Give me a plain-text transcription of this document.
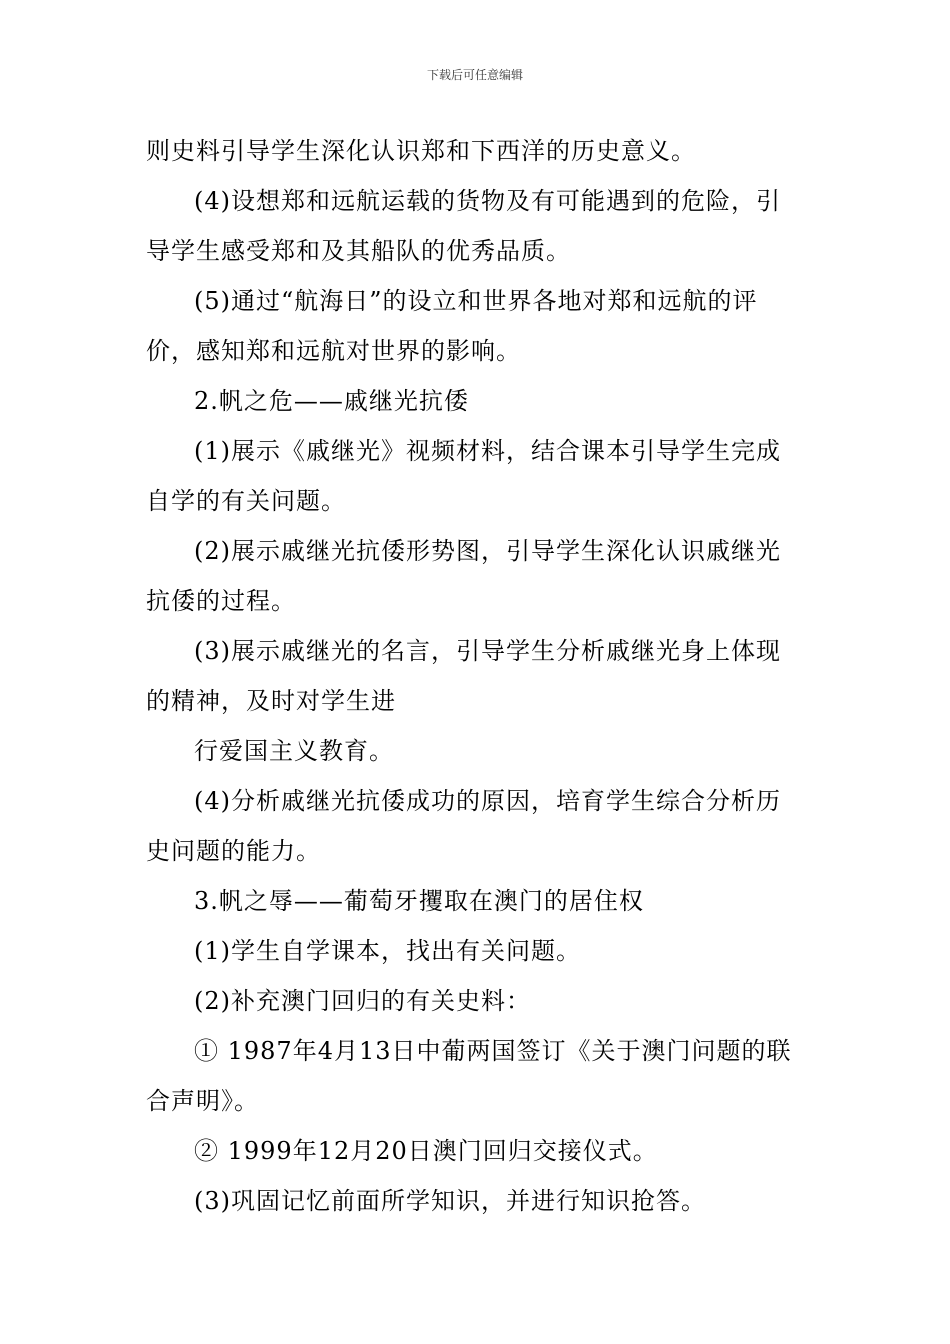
下载后可任意编辑
则史料引导学生深化认识郑和下西洋的历史意义。
(4)设想郑和远航运载的货物及有可能遇到的危险，引
导学生感受郑和及其船队的优秀品质。
(5)通过“航海日”的设立和世界各地对郑和远航的评
价，感知郑和远航对世界的影响。
2.帆之危——戚继光抗倭
(1)展示《戚继光》视频材料，结合课本引导学生完成
自学的有关问题。
(2)展示戚继光抗倭形势图，引导学生深化认识戚继光
抗倭的过程。
(3)展示戚继光的名言，引导学生分析戚继光身上体现
的精神，及时对学生进
行爱国主义教育。
(4)分析戚继光抗倭成功的原因，培育学生综合分析历
史问题的能力。
3.帆之辱——葡萄牙攫取在澳门的居住权
(1)学生自学课本，找出有关问题。
(2)补充澳门回归的有关史料：
① 1987年4月13日中葡两国签订《关于澳门问题的联
合声明》。
② 1999年12月20日澳门回归交接仪式。
(3)巩固记忆前面所学知识，并进行知识抢答。
